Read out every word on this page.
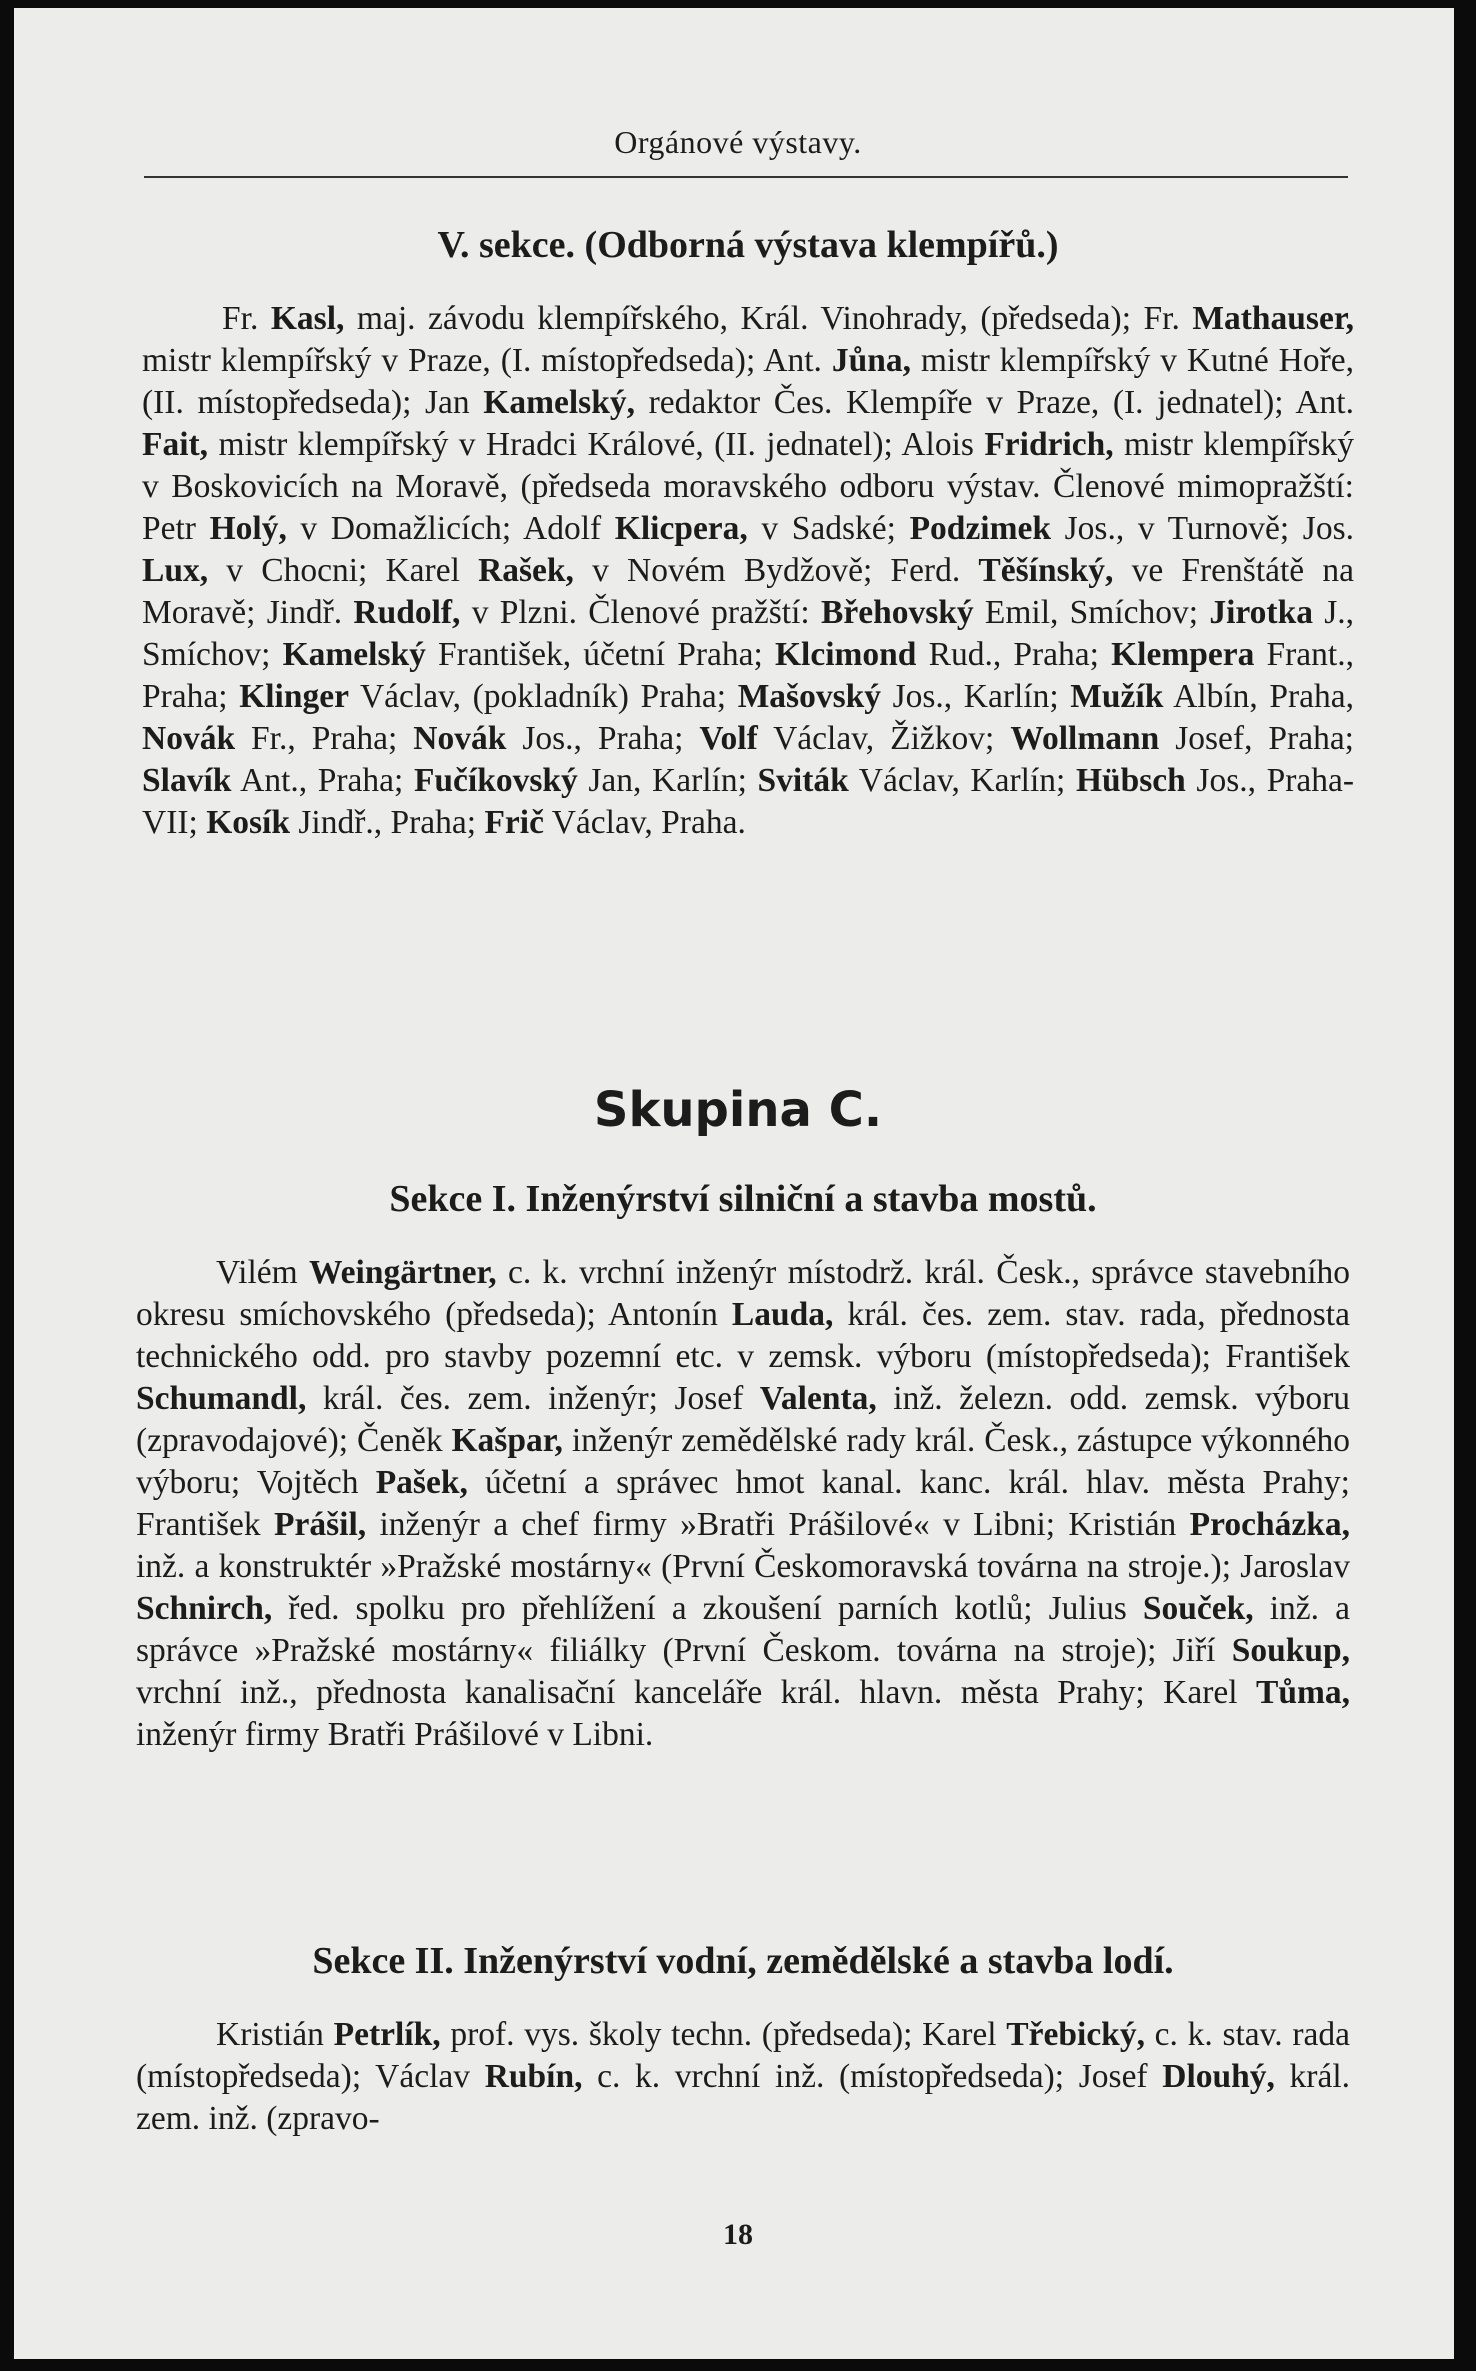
Orgánové výstavy.
V. sekce. (Odborná výstava klempířů.)

Fr. Kasl, maj. závodu klempířského, Král. Vinohrady, (předseda); Fr. Mathauser, mistr klempířský v Praze, (I. místopředseda); Ant. Jůna, mistr klempířský v Kutné Hoře, (II. místopředseda); Jan Kamelský, redaktor Čes. Klempíře v Praze, (I. jednatel); Ant. Fait, mistr klempířský v Hradci Králové, (II. jednatel); Alois Fridrich, mistr klempířský v Boskovicích na Moravě, (předseda moravského odboru výstav. Členové mimopražští: Petr Holý, v Domažlicích; Adolf Klicpera, v Sadské; Podzimek Jos., v Turnově; Jos. Lux, v Chocni; Karel Rašek, v Novém Bydžově; Ferd. Těšínský, ve Frenštátě na Moravě; Jindř. Rudolf, v Plzni. Členové pražští: Břehovský Emil, Smíchov; Jirotka J., Smíchov; Kamelský František, účetní Praha; Klcimond Rud., Praha; Klempera Frant., Praha; Klinger Václav, (pokladník) Praha; Mašovský Jos., Karlín; Mužík Albín, Praha, Novák Fr., Praha; Novák Jos., Praha; Volf Václav, Žižkov; Wollmann Josef, Praha; Slavík Ant., Praha; Fučíkovský Jan, Karlín; Sviták Václav, Karlín; Hübsch Jos., Praha-VII; Kosík Jindř., Praha; Frič Václav, Praha.

Skupina C.
Sekce I. Inženýrství silniční a stavba mostů.

Vilém Weingärtner, c. k. vrchní inženýr místodrž. král. Česk., správce stavebního okresu smíchovského (předseda); Antonín Lauda, král. čes. zem. stav. rada, přednosta technického odd. pro stavby pozemní etc. v zemsk. výboru (místopředseda); František Schumandl, král. čes. zem. inženýr; Josef Valenta, inž. železn. odd. zemsk. výboru (zpravodajové); Čeněk Kašpar, inženýr zemědělské rady král. Česk., zástupce výkonného výboru; Vojtěch Pašek, účetní a správec hmot kanal. kanc. král. hlav. města Prahy; František Prášil, inženýr a chef firmy »Bratři Prášilové« v Libni; Kristián Procházka, inž. a konstruktér »Pražské mostárny« (První Českomoravská továrna na stroje.); Jaroslav Schnirch, řed. spolku pro přehlížení a zkoušení parních kotlů; Julius Souček, inž. a správce »Pražské mostárny« filiálky (První Českom. továrna na stroje); Jiří Soukup, vrchní inž., přednosta kanalisační kanceláře král. hlavn. města Prahy; Karel Tůma, inženýr firmy Bratři Prášilové v Libni.

Sekce II. Inženýrství vodní, zemědělské a stavba lodí.

Kristián Petrlík, prof. vys. školy techn. (předseda); Karel Třebický, c. k. stav. rada (místopředseda); Václav Rubín, c. k. vrchní inž. (místopředseda); Josef Dlouhý, král. zem. inž. (zpravo-

18
